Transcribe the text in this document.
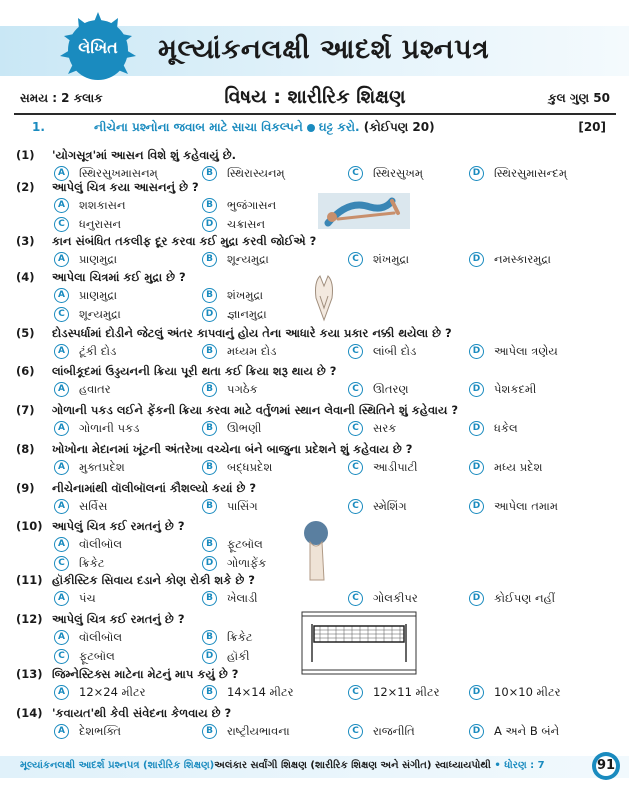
લેખિત	મૂલ્યાંકનલક્ષી આદર્શ પ્રશ્નપત્ર
સમય : 2 કલાક	વિષય : શારીરિક શિક્ષણ	કુલ ગુણ 50
1.	નીચેના પ્રશ્નોના જવાબ માટે સાચા વિકલ્પને ઘટ્ટ કરો. (કોઈપણ 20)	[20]
(1) 'યોગસૂત્ર'માં આસન વિશે શું કહેવાયું છે.
A સ્થિરસુખમાસનમ્	B સ્થિરાસ્યનમ્	C સ્થિરસુખમ્	D સ્થિરસુમાસન્દમ્
(2) આપેલું ચિત્ર કયા આસનનું છે ?
A શશકાસન	B ભુજંગાસન
C ધનુરાસન	D ચક્રાસન
(3) કાન સંબંધિત તકલીફ દૂર કરવા કઈ મુદ્રા કરવી જોઈએ ?
A પ્રાણમુદ્રા	B શૂન્યમુદ્રા	C શંખમુદ્રા	D નમસ્કારમુદ્રા
(4) આપેલા ચિત્રમાં કઈ મુદ્રા છે ?
A પ્રાણમુદ્રા	B શંખમુદ્રા
C શૂન્યમુદ્રા	D જ્ઞાનમુદ્રા
(5) દોડસ્પર્ધામાં દોડીને જેટલું અંતર કાપવાનું હોય તેના આધારે કયા પ્રકાર નક્કી થયેલા છે ?
A ટૂંકી દોડ	B મધ્યમ દોડ	C લાંબી દોડ	D આપેલા ત્રણેય
(6) લાંબીકૂદમાં ઉડ્ડયનની ક્રિયા પૂરી થતા કઈ ક્રિયા શરૂ થાય છે ?
A હવાતર	B પગઠેક	C ઊતરણ	D પેશકદમી
(7) ગોળાની પકડ લઈને ફેંકની ક્રિયા કરવા માટે વર્તુળમાં સ્થાન લેવાની સ્થિતિને શું કહેવાય ?
A ગોળાની પકડ	B ઊભણી	C સરક	D ધકેલ
(8) ખોખોના મેદાનમાં ખૂંટની અંતરેખા વચ્ચેના બંને બાજુના પ્રદેશને શું કહેવાય છે ?
A મુક્તપ્રદેશ	B બદ્ધપ્રદેશ	C આડીપાટી	D મધ્ય પ્રદેશ
(9) નીચેનામાંથી વૉલીબૉલનાં કૌશલ્યો કયાં છે ?
A સર્વિસ	B પાસિંગ	C સ્મેશિંગ	D આપેલા તમામ
(10) આપેલું ચિત્ર કઈ રમતનું છે ?
A વૉલીબૉલ	B ફૂટબૉલ
C ક્રિકેટ	D ગોળાફેંક
(11) હૉકીસ્ટિક સિવાય દડાને કોણ રોકી શકે છે ?
A પંચ	B ખેલાડી	C ગોલકીપર	D કોઈપણ નહીં
(12) આપેલું ચિત્ર કઈ રમતનું છે ?
A વૉલીબૉલ	B ક્રિકેટ
C ફૂટબૉલ	D હૉકી
(13) જિમ્નેસ્ટિક્સ માટેના મેટનું માપ કયું છે ?
A 12×24 મીટર	B 14×14 મીટર	C 12×11 મીટર	D 10×10 મીટર
(14) 'કવાયત'થી કેવી સંવેદના કેળવાય છે ?
A દેશભક્તિ	B રાષ્ટ્રીયભાવના	C રાજનીતિ	D A અને B બંને
મૂલ્યાંકનલક્ષી આદર્શ પ્રશ્નપત્ર (શારીરિક શિક્ષણ)અલંકાર સર્વાંગી શિક્ષણ (શારીરિક શિક્ષણ અને સંગીત) સ્વાધ્યાયપોથી • ધોરણ : 7	91
